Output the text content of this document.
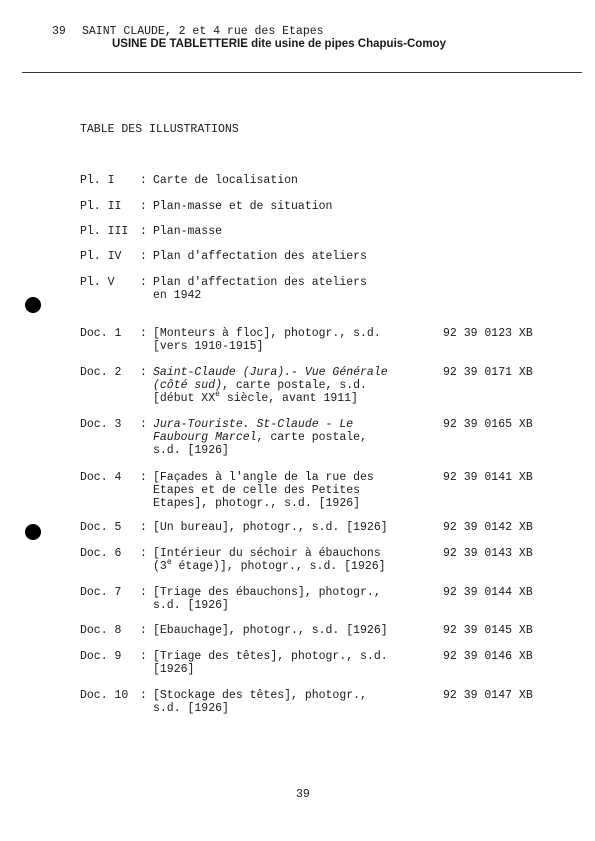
39 SAINT CLAUDE, 2 et 4 rue des Etapes
USINE DE TABLETTERIE dite usine de pipes Chapuis-Comoy
TABLE DES ILLUSTRATIONS
Pl. I : Carte de localisation
Pl. II : Plan-masse et de situation
Pl. III : Plan-masse
Pl. IV : Plan d'affectation des ateliers
Pl. V : Plan d'affectation des ateliers
en 1942
Doc. 1 : [Monteurs à floc], photogr., s.d.
[vers 1910-1915]
92 39 0123 XB
Doc. 2 : Saint-Claude (Jura).- Vue Générale
(côté sud), carte postale, s.d.
[début XXe siècle, avant 1911]
92 39 0171 XB
Doc. 3 : Jura-Touriste. St-Claude - Le
Faubourg Marcel, carte postale,
s.d. [1926]
92 39 0165 XB
Doc. 4 : [Façades à l'angle de la rue des
Etapes et de celle des Petites
Etapes], photogr., s.d. [1926]
92 39 0141 XB
Doc. 5 : [Un bureau], photogr., s.d. [1926]	92 39 0142 XB
Doc. 6 : [Intérieur du séchoir à ébauchons
(3e étage)], photogr., s.d. [1926]
92 39 0143 XB
Doc. 7 : [Triage des ébauchons], photogr.,
s.d. [1926]
92 39 0144 XB
Doc. 8 : [Ebauchage], photogr., s.d. [1926]	92 39 0145 XB
Doc. 9 : [Triage des têtes], photogr., s.d.
[1926]
92 39 0146 XB
Doc. 10 : [Stockage des têtes], photogr.,
s.d. [1926]
92 39 0147 XB
39
